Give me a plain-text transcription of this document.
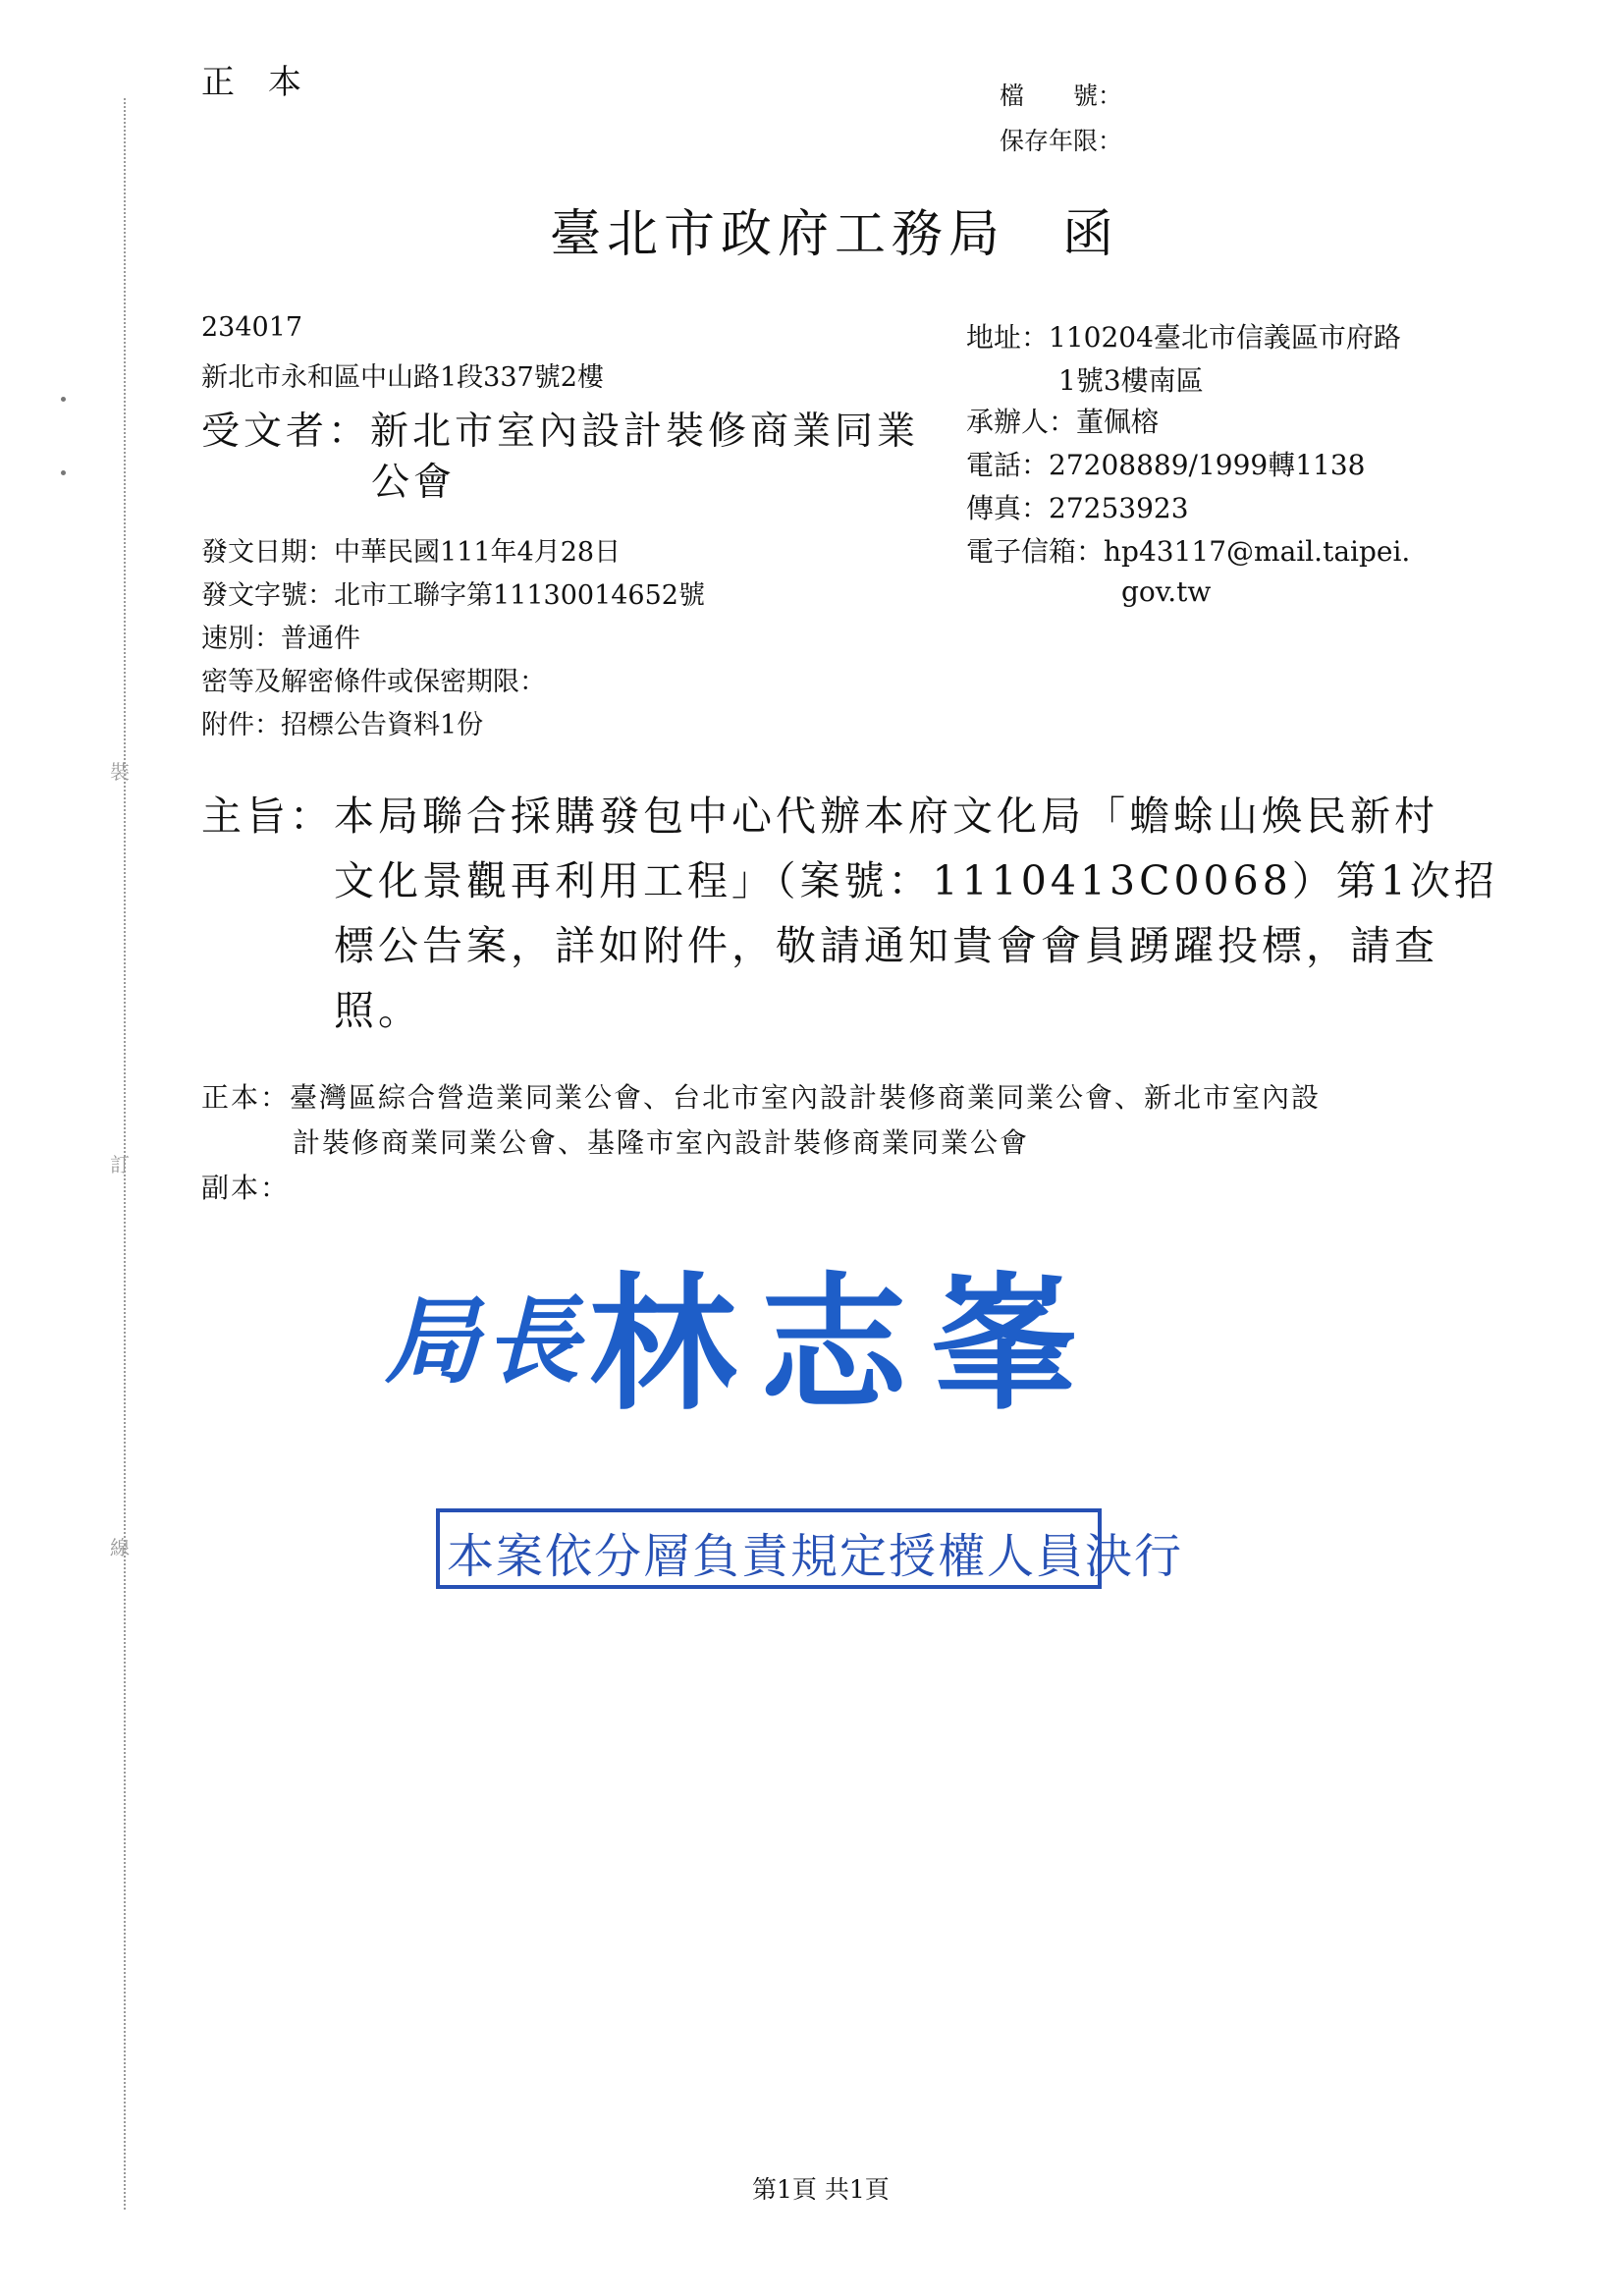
裝
訂
線
正本	檔　　號：
保存年限：
臺北市政府工務局　函
234017
新北市永和區中山路1段337號2樓
受文者：新北市室內設計裝修商業同業
公會
地址：110204臺北市信義區市府路
1號3樓南區
承辦人：董佩榕
電話：27208889/1999轉1138
傳真：27253923
電子信箱：hp43117@mail.taipei.
gov.tw
發文日期：中華民國111年4月28日
發文字號：北市工聯字第11130014652號
速別：普通件
密等及解密條件或保密期限：
附件：招標公告資料1份
主旨：本局聯合採購發包中心代辦本府文化局「蟾蜍山煥民新村
文化景觀再利用工程」（案號：1110413C0068）第1次招
標公告案，詳如附件，敬請通知貴會會員踴躍投標，請查
照。
正本：臺灣區綜合營造業同業公會、台北市室內設計裝修商業同業公會、新北市室內設
計裝修商業同業公會、基隆市室內設計裝修商業同業公會
副本：
局長 林志峯
本案依分層負責規定授權人員決行
第1頁 共1頁
